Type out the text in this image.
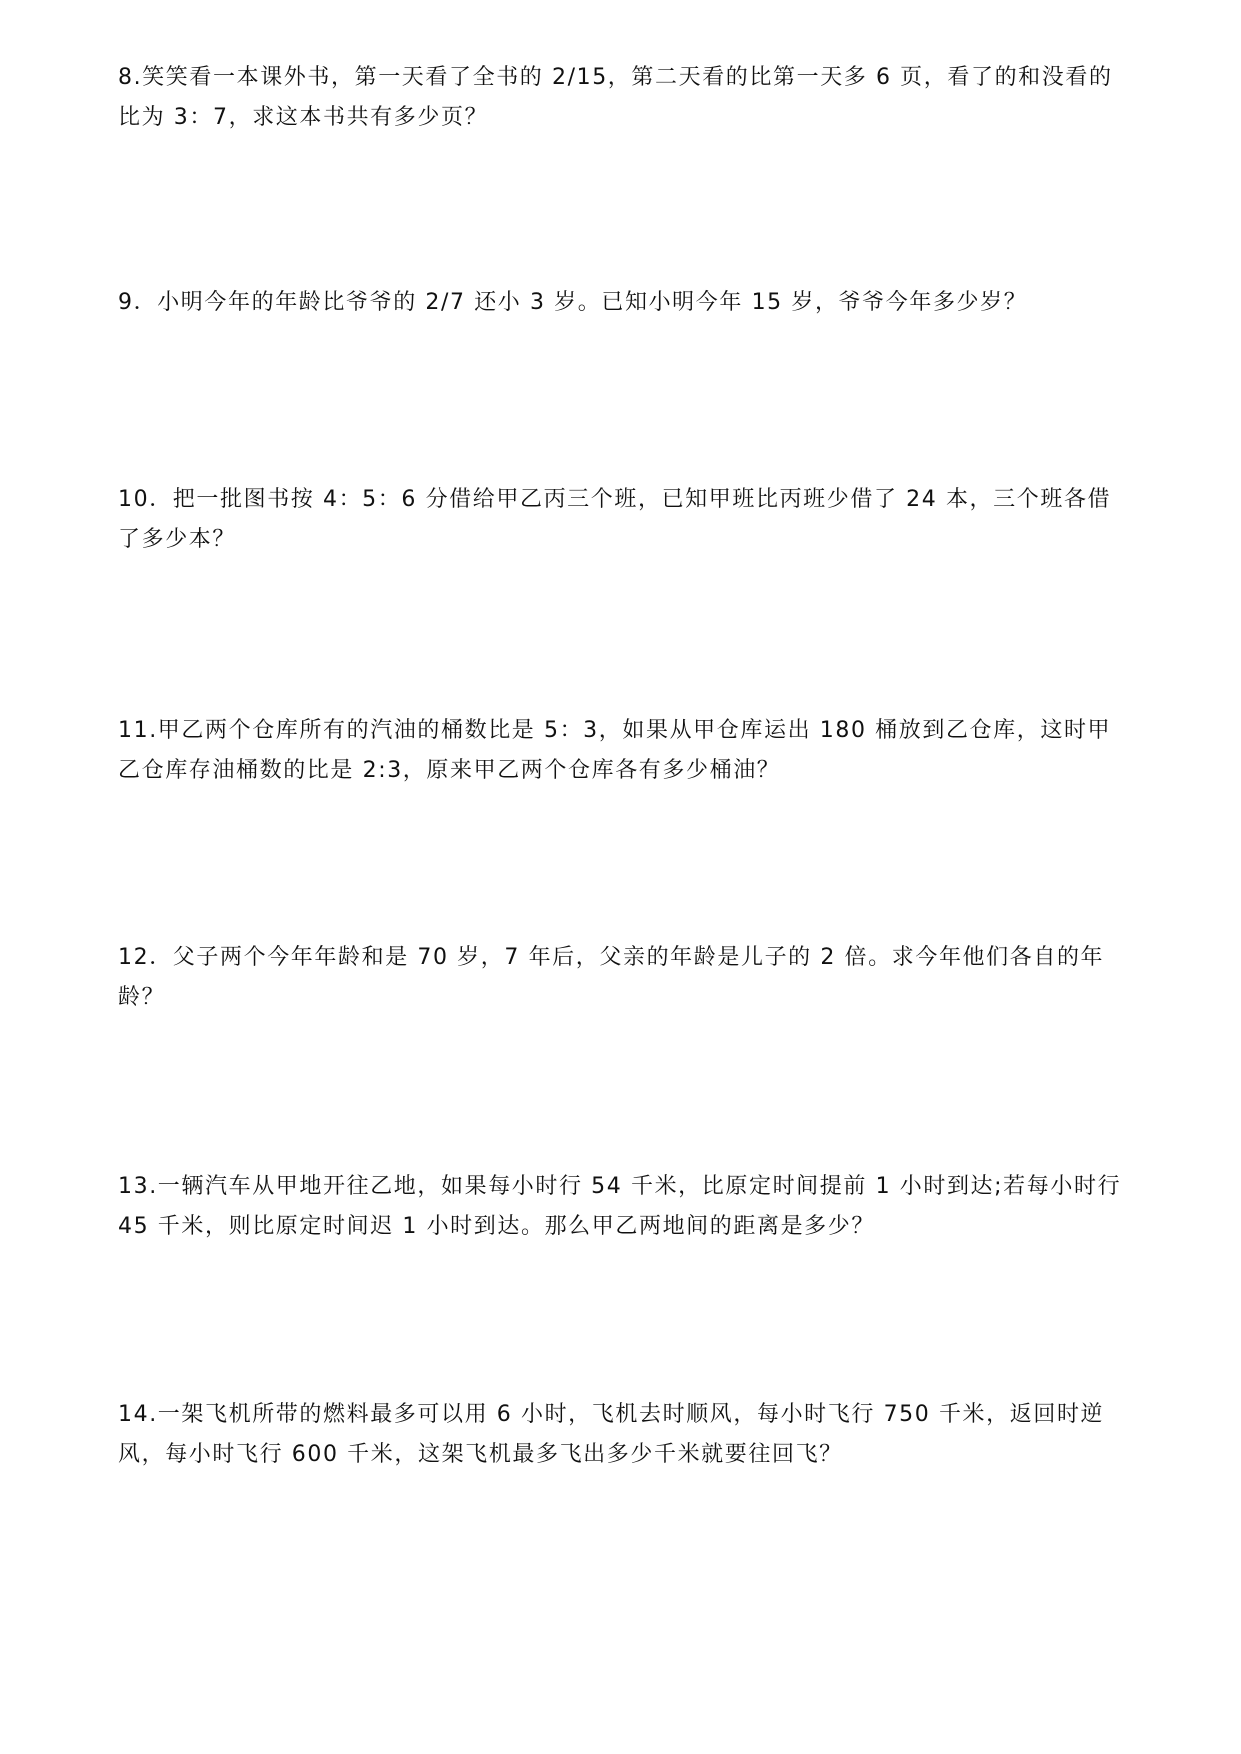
8.笑笑看一本课外书，第一天看了全书的 2/15，第二天看的比第一天多 6 页，看了的和没看的比为 3：7，求这本书共有多少页？

9．小明今年的年龄比爷爷的 2/7 还小 3 岁。已知小明今年 15 岁，爷爷今年多少岁？

10．把一批图书按 4：5：6 分借给甲乙丙三个班，已知甲班比丙班少借了 24 本，三个班各借了多少本？

11.甲乙两个仓库所有的汽油的桶数比是 5：3，如果从甲仓库运出 180 桶放到乙仓库，这时甲乙仓库存油桶数的比是 2:3，原来甲乙两个仓库各有多少桶油？

12．父子两个今年年龄和是 70 岁，7 年后，父亲的年龄是儿子的 2 倍。求今年他们各自的年龄？

13.一辆汽车从甲地开往乙地，如果每小时行 54 千米，比原定时间提前 1 小时到达;若每小时行 45 千米，则比原定时间迟 1 小时到达。那么甲乙两地间的距离是多少？

14.一架飞机所带的燃料最多可以用 6 小时，飞机去时顺风，每小时飞行 750 千米，返回时逆风，每小时飞行 600 千米，这架飞机最多飞出多少千米就要往回飞？
